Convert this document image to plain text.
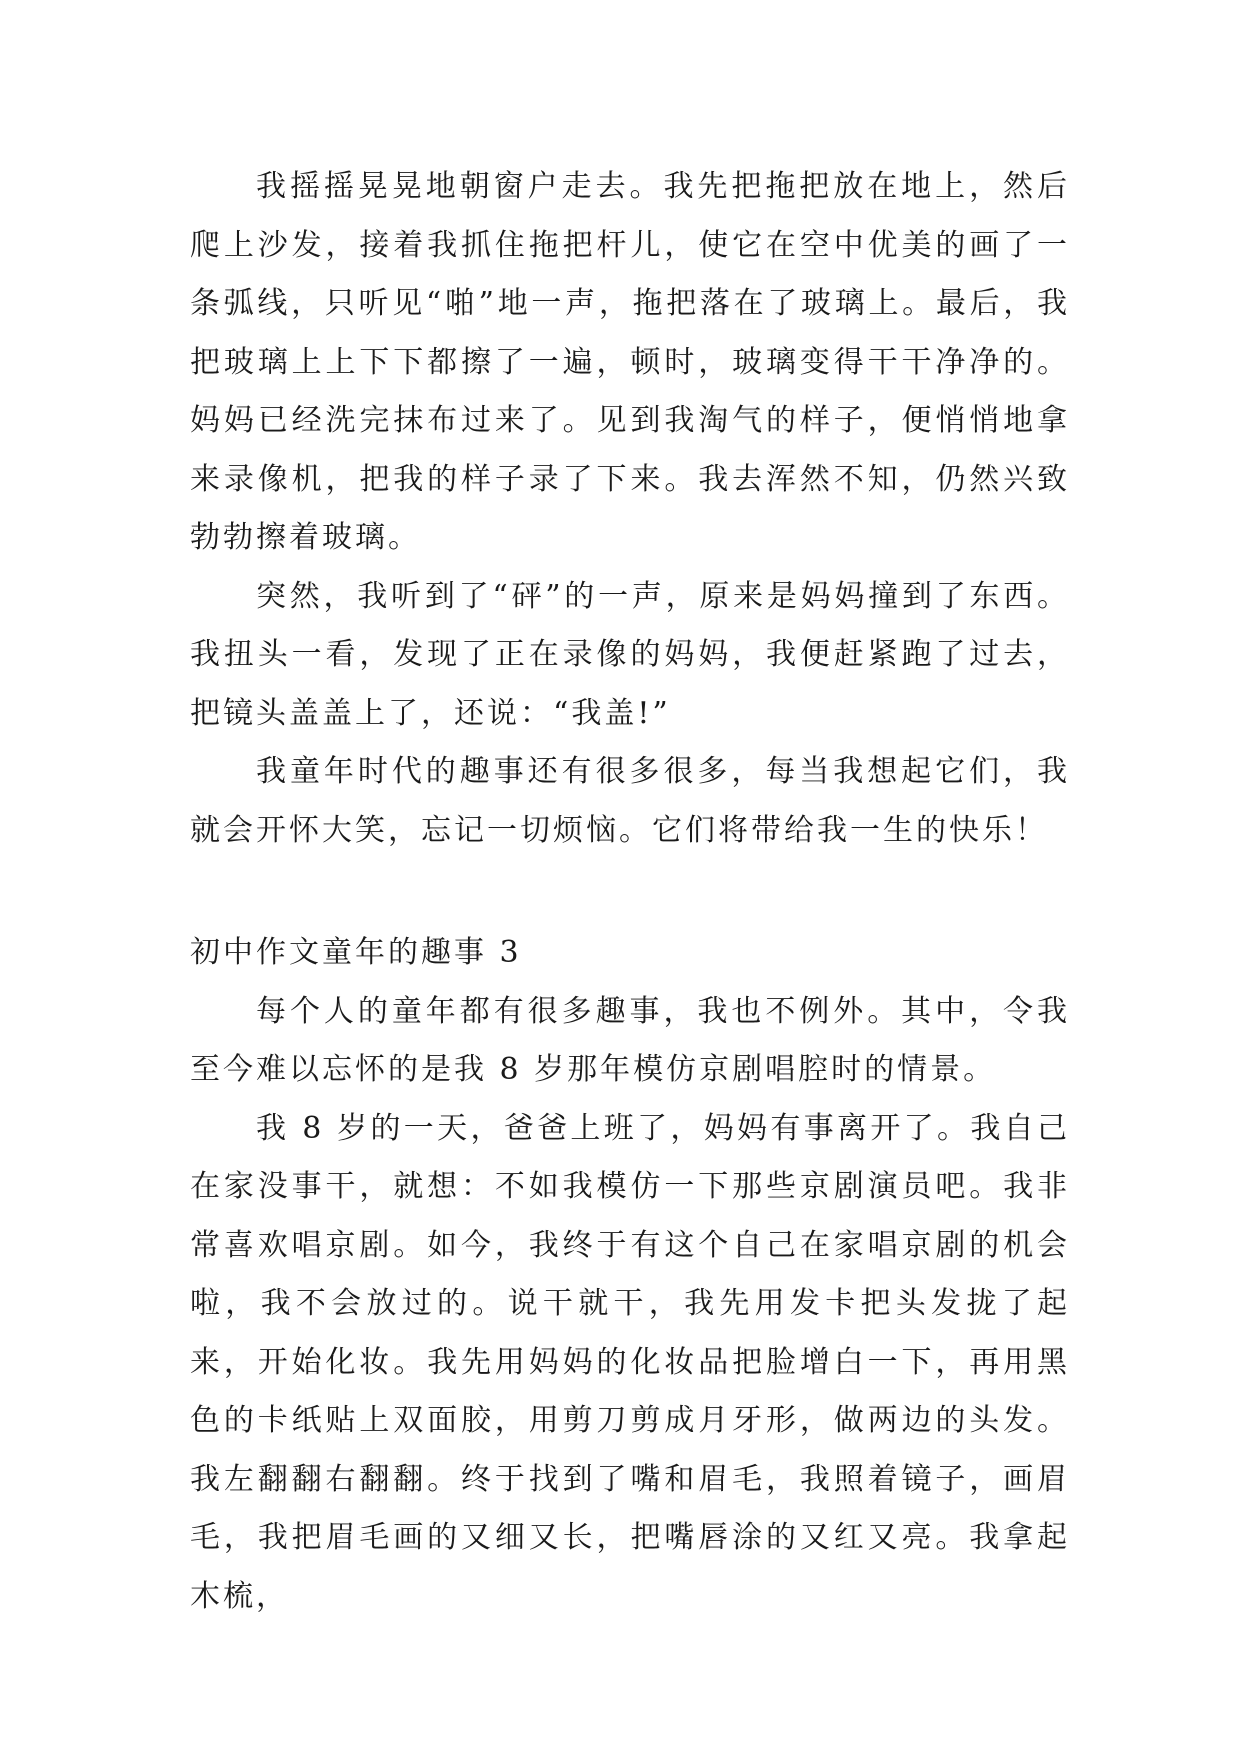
我摇摇晃晃地朝窗户走去。我先把拖把放在地上，然后爬上沙发，接着我抓住拖把杆儿，使它在空中优美的画了一条弧线，只听见“啪”地一声，拖把落在了玻璃上。最后，我把玻璃上上下下都擦了一遍，顿时，玻璃变得干干净净的。妈妈已经洗完抹布过来了。见到我淘气的样子，便悄悄地拿来录像机，把我的样子录了下来。我去浑然不知，仍然兴致勃勃擦着玻璃。

突然，我听到了“砰”的一声，原来是妈妈撞到了东西。我扭头一看，发现了正在录像的妈妈，我便赶紧跑了过去，把镜头盖盖上了，还说：“我盖!”

我童年时代的趣事还有很多很多，每当我想起它们，我就会开怀大笑，忘记一切烦恼。它们将带给我一生的快乐！

初中作文童年的趣事 3

每个人的童年都有很多趣事，我也不例外。其中，令我至今难以忘怀的是我 8 岁那年模仿京剧唱腔时的情景。

我 8 岁的一天，爸爸上班了，妈妈有事离开了。我自己在家没事干，就想：不如我模仿一下那些京剧演员吧。我非常喜欢唱京剧。如今，我终于有这个自己在家唱京剧的机会啦，我不会放过的。说干就干，我先用发卡把头发拢了起来，开始化妆。我先用妈妈的化妆品把脸增白一下，再用黑色的卡纸贴上双面胶，用剪刀剪成月牙形，做两边的头发。我左翻翻右翻翻。终于找到了嘴和眉毛，我照着镜子，画眉毛，我把眉毛画的又细又长，把嘴唇涂的又红又亮。我拿起木梳，
